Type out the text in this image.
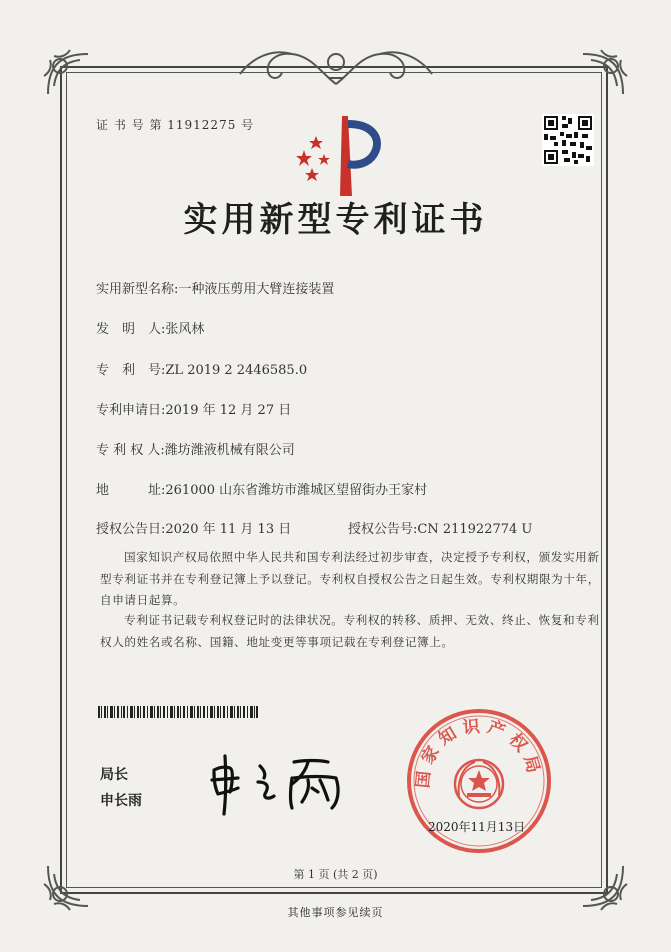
证 书 号 第 11912275 号
实用新型专利证书
实用新型名称:一种液压剪用大臂连接装置
发　明　人:张风林
专　利　号:ZL 2019 2 2446585.0
专利申请日:2019 年 12 月 27 日
专 利 权 人:潍坊潍液机械有限公司
地　　　址:261000 山东省潍坊市潍城区望留街办王家村
授权公告日:2020 年 11 月 13 日	授权公告号:CN 211922774 U
国家知识产权局依照中华人民共和国专利法经过初步审查，决定授予专利权，颁发实用新型专利证书并在专利登记簿上予以登记。专利权自授权公告之日起生效。专利权期限为十年，自申请日起算。
专利证书记载专利权登记时的法律状况。专利权的转移、质押、无效、终止、恢复和专利权人的姓名或名称、国籍、地址变更等事项记载在专利登记簿上。
局长
申长雨
国家知识产权局
2020年11月13日
第 1 页 (共 2 页)
其他事项参见续页
